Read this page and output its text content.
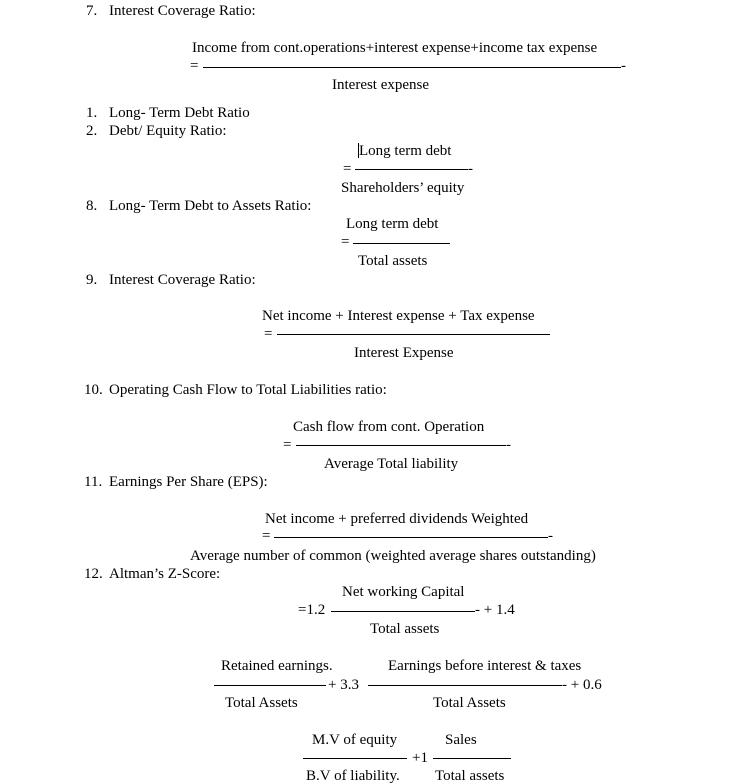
7. Interest Coverage Ratio:
Income from cont.operations+interest expense+income tax expense
=	-
Interest expense
1. Long- Term Debt Ratio
2. Debt/ Equity Ratio:
Long term debt
=	-
Shareholders’ equity
8. Long- Term Debt to Assets Ratio:
Long term debt
=
Total assets
9. Interest Coverage Ratio:
Net income + Interest expense + Tax expense
=
Interest Expense
10. Operating Cash Flow to Total Liabilities ratio:
Cash flow from cont. Operation
=	-
Average Total liability
11. Earnings Per Share (EPS):
Net income + preferred dividends Weighted
=	-
Average number of common (weighted average shares outstanding)
12. Altman’s Z-Score:
Net working Capital
=1.2	- + 1.4
Total assets
Retained earnings.
+ 3.3
Total Assets
Earnings before interest & taxes
- + 0.6
Total Assets
M.V of equity
+1
B.V of liability.
Sales
Total assets
